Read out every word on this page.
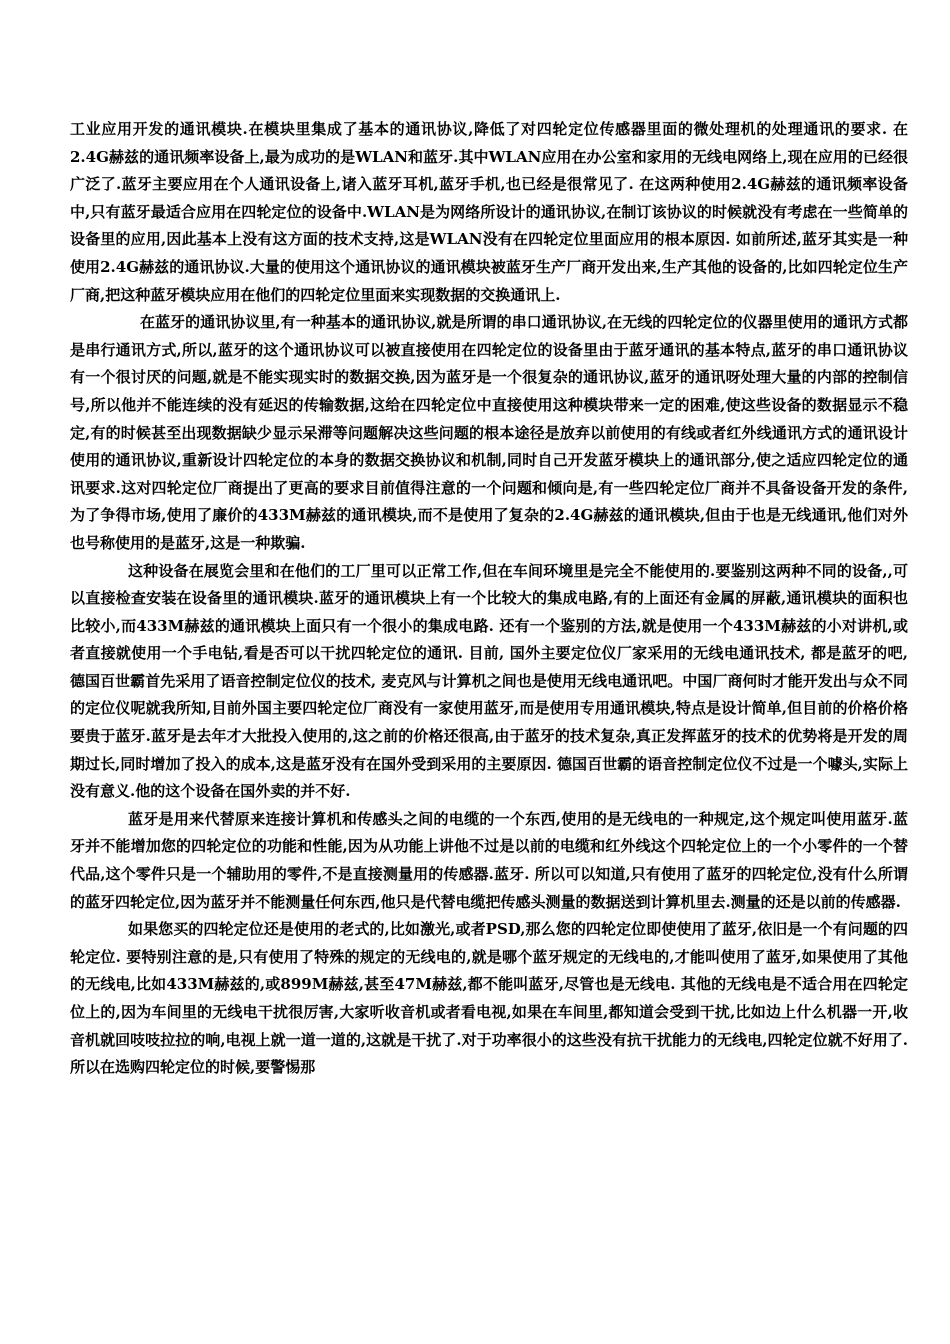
工业应用开发的通讯模块.在模块里集成了基本的通讯协议,降低了对四轮定位传感器里面的微处理机的处理通讯的要求. 在2.4G赫兹的通讯频率设备上,最为成功的是WLAN和蓝牙.其中WLAN应用在办公室和家用的无线电网络上,现在应用的已经很广泛了.蓝牙主要应用在个人通讯设备上,诸入蓝牙耳机,蓝牙手机,也已经是很常见了. 在这两种使用2.4G赫兹的通讯频率设备中,只有蓝牙最适合应用在四轮定位的设备中.WLAN是为网络所设计的通讯协议,在制订该协议的时候就没有考虑在一些简单的设备里的应用,因此基本上没有这方面的技术支持,这是WLAN没有在四轮定位里面应用的根本原因. 如前所述,蓝牙其实是一种使用2.4G赫兹的通讯协议.大量的使用这个通讯协议的通讯模块被蓝牙生产厂商开发出来,生产其他的设备的,比如四轮定位生产厂商,把这种蓝牙模块应用在他们的四轮定位里面来实现数据的交换通讯上.

在蓝牙的通讯协议里,有一种基本的通讯协议,就是所谓的串口通讯协议,在无线的四轮定位的仪器里使用的通讯方式都是串行通讯方式,所以,蓝牙的这个通讯协议可以被直接使用在四轮定位的设备里由于蓝牙通讯的基本特点,蓝牙的串口通讯协议有一个很讨厌的问题,就是不能实现实时的数据交换,因为蓝牙是一个很复杂的通讯协议,蓝牙的通讯呀处理大量的内部的控制信号,所以他并不能连续的没有延迟的传输数据,这给在四轮定位中直接使用这种模块带来一定的困难,使这些设备的数据显示不稳定,有的时候甚至出现数据缺少显示呆滞等问题解决这些问题的根本途径是放弃以前使用的有线或者红外线通讯方式的通讯设计使用的通讯协议,重新设计四轮定位的本身的数据交换协议和机制,同时自己开发蓝牙模块上的通讯部分,使之适应四轮定位的通讯要求.这对四轮定位厂商提出了更高的要求目前值得注意的一个问题和倾向是,有一些四轮定位厂商并不具备设备开发的条件,为了争得市场,使用了廉价的433M赫兹的通讯模块,而不是使用了复杂的2.4G赫兹的通讯模块,但由于也是无线通讯,他们对外也号称使用的是蓝牙,这是一种欺骗.

这种设备在展览会里和在他们的工厂里可以正常工作,但在车间环境里是完全不能使用的.要鉴别这两种不同的设备,,可以直接检查安装在设备里的通讯模块.蓝牙的通讯模块上有一个比较大的集成电路,有的上面还有金属的屏蔽,通讯模块的面积也比较小,而433M赫兹的通讯模块上面只有一个很小的集成电路. 还有一个鉴别的方法,就是使用一个433M赫兹的小对讲机,或者直接就使用一个手电钻,看是否可以干扰四轮定位的通讯. 目前, 国外主要定位仪厂家采用的无线电通讯技术, 都是蓝牙的吧, 德国百世霸首先采用了语音控制定位仪的技术, 麦克风与计算机之间也是使用无线电通讯吧。中国厂商何时才能开发出与众不同的定位仪呢就我所知,目前外国主要四轮定位厂商没有一家使用蓝牙,而是使用专用通讯模块,特点是设计简单,但目前的价格价格要贵于蓝牙.蓝牙是去年才大批投入使用的,这之前的价格还很高,由于蓝牙的技术复杂,真正发挥蓝牙的技术的优势将是开发的周期过长,同时增加了投入的成本,这是蓝牙没有在国外受到采用的主要原因. 德国百世霸的语音控制定位仪不过是一个噱头,实际上没有意义.他的这个设备在国外卖的并不好.

蓝牙是用来代替原来连接计算机和传感头之间的电缆的一个东西,使用的是无线电的一种规定,这个规定叫使用蓝牙.蓝牙并不能增加您的四轮定位的功能和性能,因为从功能上讲他不过是以前的电缆和红外线这个四轮定位上的一个小零件的一个替代品,这个零件只是一个辅助用的零件,不是直接测量用的传感器.蓝牙. 所以可以知道,只有使用了蓝牙的四轮定位,没有什么所谓的蓝牙四轮定位,因为蓝牙并不能测量任何东西,他只是代替电缆把传感头测量的数据送到计算机里去.测量的还是以前的传感器.

如果您买的四轮定位还是使用的老式的,比如激光,或者PSD,那么您的四轮定位即使使用了蓝牙,依旧是一个有问题的四轮定位. 要特别注意的是,只有使用了特殊的规定的无线电的,就是哪个蓝牙规定的无线电的,才能叫使用了蓝牙,如果使用了其他的无线电,比如433M赫兹的,或899M赫兹,甚至47M赫兹,都不能叫蓝牙,尽管也是无线电. 其他的无线电是不适合用在四轮定位上的,因为车间里的无线电干扰很厉害,大家听收音机或者看电视,如果在车间里,都知道会受到干扰,比如边上什么机器一开,收音机就回吱吱拉拉的响,电视上就一道一道的,这就是干扰了.对于功率很小的这些没有抗干扰能力的无线电,四轮定位就不好用了. 所以在选购四轮定位的时候,要警惕那
